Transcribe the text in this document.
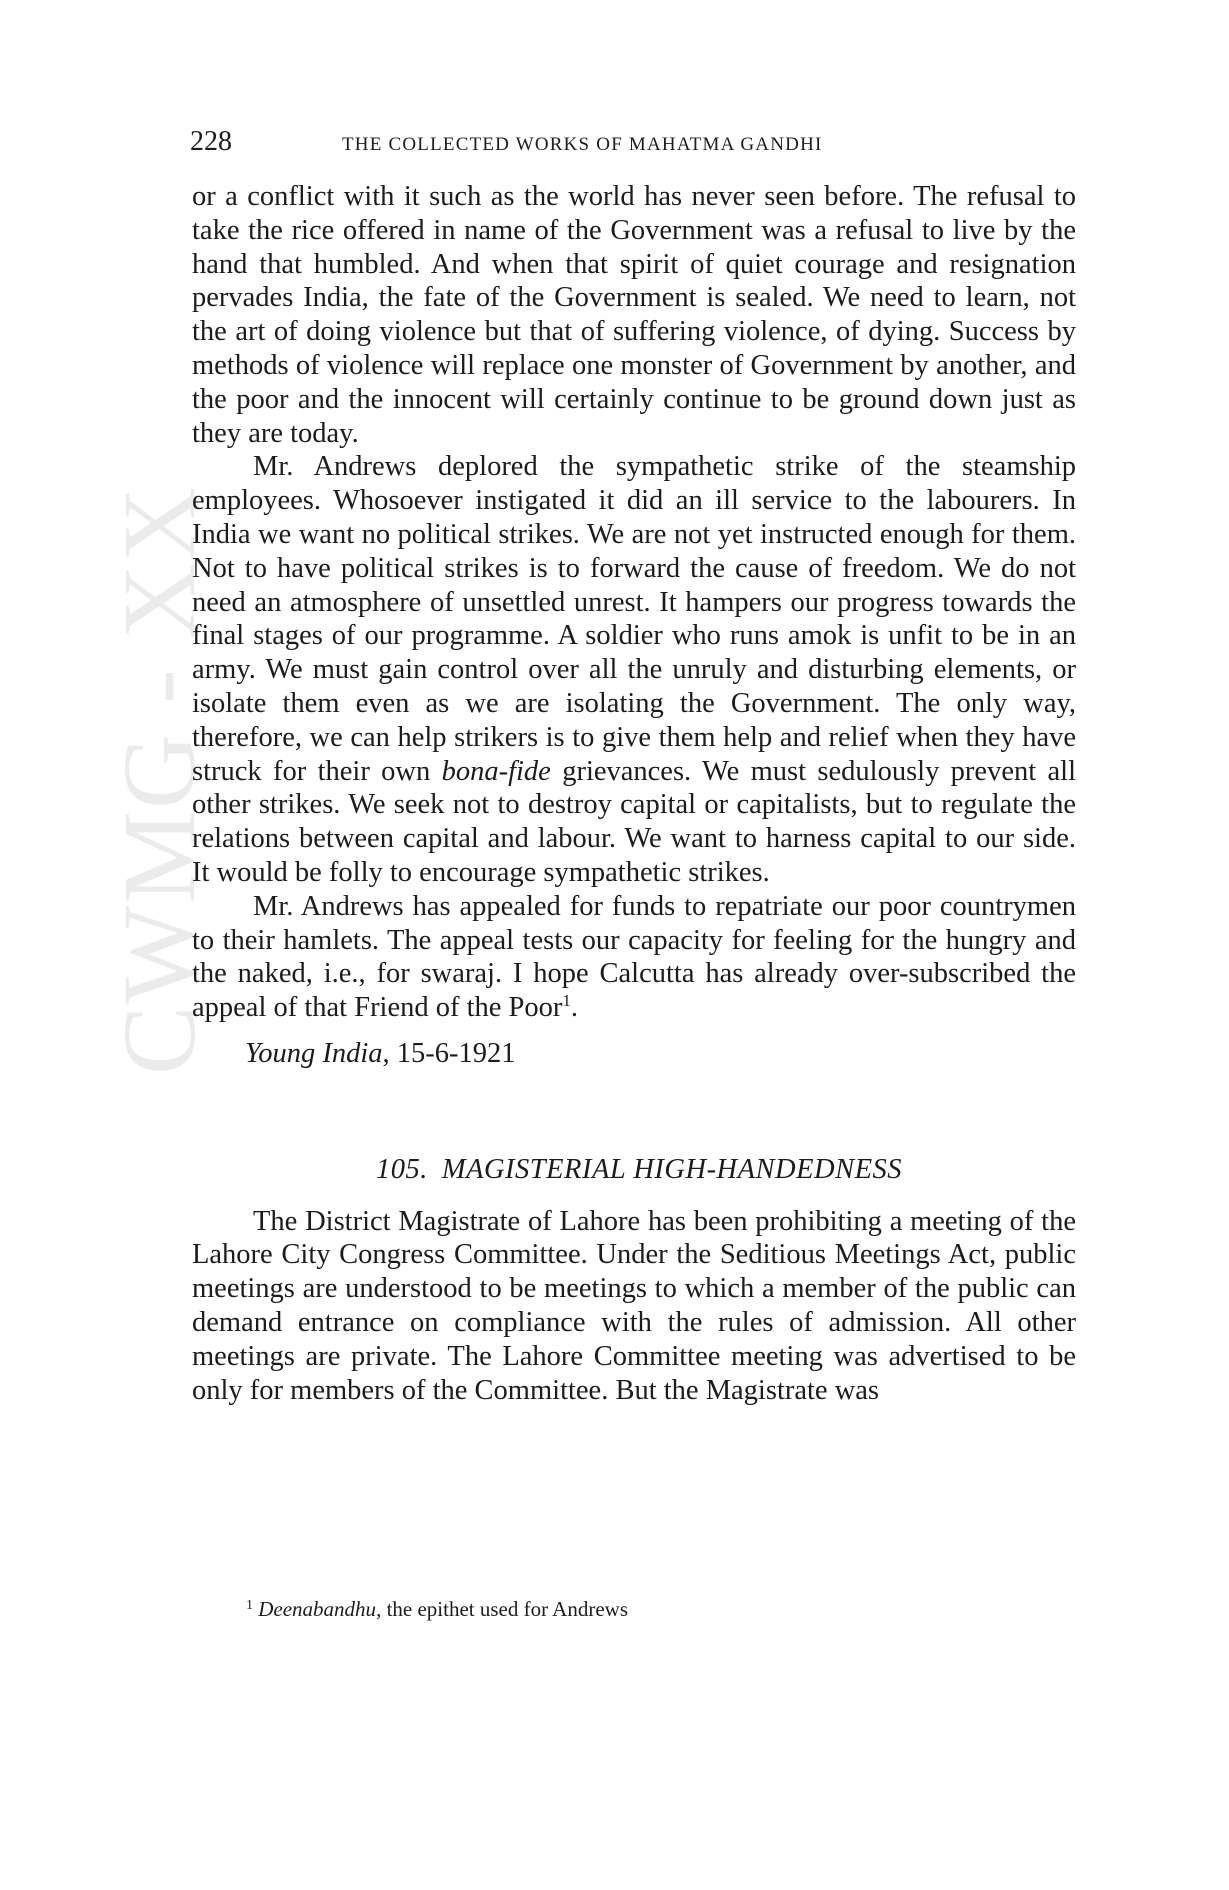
CWMG - XX
228	THE COLLECTED WORKS OF MAHATMA GANDHI

or a conflict with it such as the world has never seen before. The refusal to take the rice offered in name of the Government was a refusal to live by the hand that humbled. And when that spirit of quiet courage and resignation pervades India, the fate of the Government is sealed. We need to learn, not the art of doing violence but that of suffering violence, of dying. Success by methods of violence will replace one monster of Government by another, and the poor and the innocent will certainly continue to be ground down just as they are today.

Mr. Andrews deplored the sympathetic strike of the steamship employees. Whosoever instigated it did an ill service to the labourers. In India we want no political strikes. We are not yet instructed enough for them. Not to have political strikes is to forward the cause of freedom. We do not need an atmosphere of unsettled unrest. It hampers our progress towards the final stages of our programme. A soldier who runs amok is unfit to be in an army. We must gain control over all the unruly and disturbing elements, or isolate them even as we are isolating the Government. The only way, therefore, we can help strikers is to give them help and relief when they have struck for their own bona-fide grievances. We must sedulously prevent all other strikes. We seek not to destroy capital or capitalists, but to regulate the relations between capital and labour. We want to harness capital to our side. It would be folly to encourage sympathetic strikes.

Mr. Andrews has appealed for funds to repatriate our poor countrymen to their hamlets. The appeal tests our capacity for feeling for the hungry and the naked, i.e., for swaraj. I hope Calcutta has already over-subscribed the appeal of that Friend of the Poor$^1$.

Young India, 15-6-1921

105. MAGISTERIAL HIGH-HANDEDNESS

The District Magistrate of Lahore has been prohibiting a meeting of the Lahore City Congress Committee. Under the Seditious Meetings Act, public meetings are understood to be meetings to which a member of the public can demand entrance on compliance with the rules of admission. All other meetings are private. The Lahore Committee meeting was advertised to be only for members of the Committee. But the Magistrate was

$^1$ Deenabandhu, the epithet used for Andrews
